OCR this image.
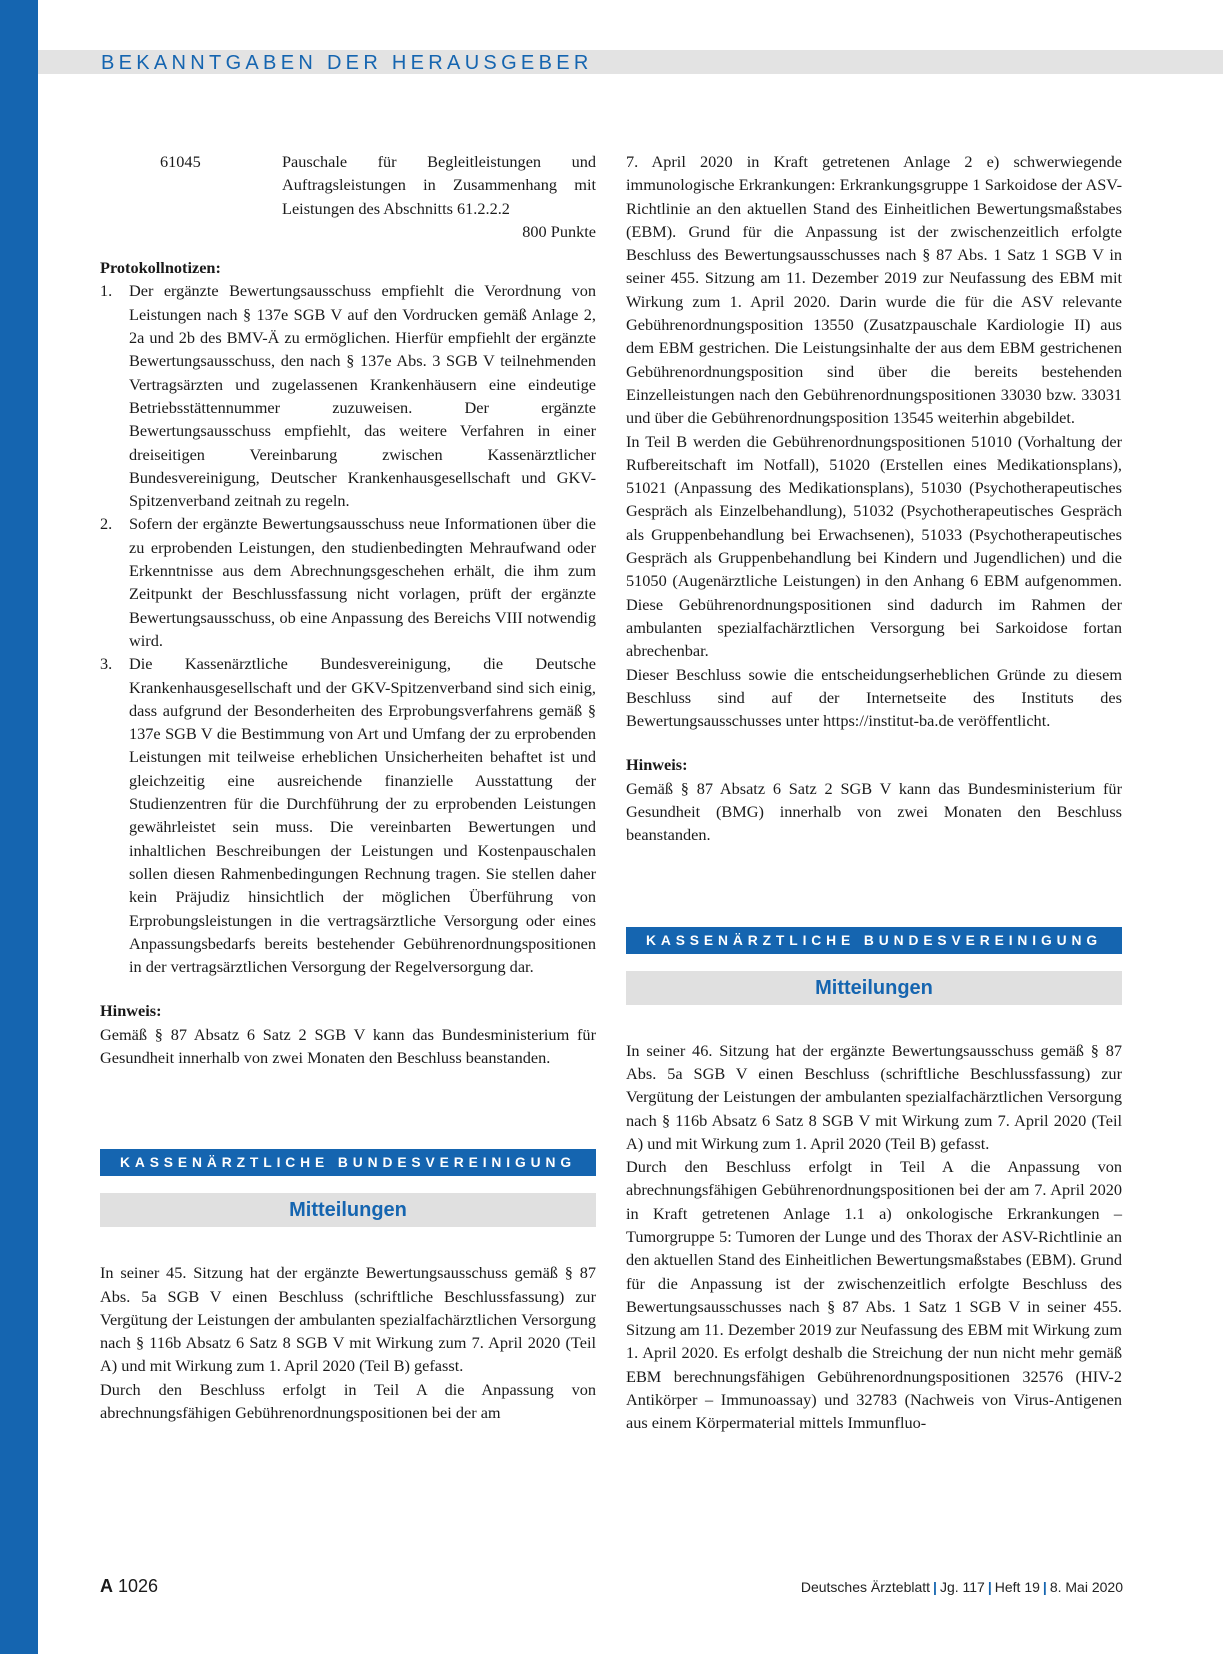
BEKANNTGABEN DER HERAUSGEBER
61045	Pauschale für Begleitleistungen und Auftragsleistungen in Zusammenhang mit Leistungen des Abschnitts 61.2.2.2

800 Punkte

Protokollnotizen:

1. Der ergänzte Bewertungsausschuss empfiehlt die Verordnung von Leistungen nach § 137e SGB V auf den Vordrucken gemäß Anlage 2, 2a und 2b des BMV-Ä zu ermöglichen. Hierfür empfiehlt der ergänzte Bewertungsausschuss, den nach § 137e Abs. 3 SGB V teilnehmenden Vertragsärzten und zugelassenen Krankenhäusern eine eindeutige Betriebsstättennummer zuzuweisen. Der ergänzte Bewertungsausschuss empfiehlt, das weitere Verfahren in einer dreiseitigen Vereinbarung zwischen Kassenärztlicher Bundesvereinigung, Deutscher Krankenhausgesellschaft und GKV-Spitzenverband zeitnah zu regeln.
2. Sofern der ergänzte Bewertungsausschuss neue Informationen über die zu erprobenden Leistungen, den studienbedingten Mehraufwand oder Erkenntnisse aus dem Abrechnungsgeschehen erhält, die ihm zum Zeitpunkt der Beschlussfassung nicht vorlagen, prüft der ergänzte Bewertungsausschuss, ob eine Anpassung des Bereichs VIII notwendig wird.
3. Die Kassenärztliche Bundesvereinigung, die Deutsche Krankenhausgesellschaft und der GKV-Spitzenverband sind sich einig, dass aufgrund der Besonderheiten des Erprobungsverfahrens gemäß § 137e SGB V die Bestimmung von Art und Umfang der zu erprobenden Leistungen mit teilweise erheblichen Unsicherheiten behaftet ist und gleichzeitig eine ausreichende finanzielle Ausstattung der Studienzentren für die Durchführung der zu erprobenden Leistungen gewährleistet sein muss. Die vereinbarten Bewertungen und inhaltlichen Beschreibungen der Leistungen und Kostenpauschalen sollen diesen Rahmenbedingungen Rechnung tragen. Sie stellen daher kein Präjudiz hinsichtlich der möglichen Überführung von Erprobungsleistungen in die vertragsärztliche Versorgung oder eines Anpassungsbedarfs bereits bestehender Gebührenordnungspositionen in der vertragsärztlichen Versorgung der Regelversorgung dar.

Hinweis:

Gemäß § 87 Absatz 6 Satz 2 SGB V kann das Bundesministerium für Gesundheit innerhalb von zwei Monaten den Beschluss beanstanden.

KASSENÄRZTLICHE BUNDESVEREINIGUNG
Mitteilungen

In seiner 45. Sitzung hat der ergänzte Bewertungsausschuss gemäß § 87 Abs. 5a SGB V einen Beschluss (schriftliche Beschlussfassung) zur Vergütung der Leistungen der ambulanten spezialfachärztlichen Versorgung nach § 116b Absatz 6 Satz 8 SGB V mit Wirkung zum 7. April 2020 (Teil A) und mit Wirkung zum 1. April 2020 (Teil B) gefasst.

Durch den Beschluss erfolgt in Teil A die Anpassung von abrechnungsfähigen Gebührenordnungspositionen bei der am

7. April 2020 in Kraft getretenen Anlage 2 e) schwerwiegende immunologische Erkrankungen: Erkrankungsgruppe 1 Sarkoidose der ASV-Richtlinie an den aktuellen Stand des Einheitlichen Bewertungsmaßstabes (EBM). Grund für die Anpassung ist der zwischenzeitlich erfolgte Beschluss des Bewertungsausschusses nach § 87 Abs. 1 Satz 1 SGB V in seiner 455. Sitzung am 11. Dezember 2019 zur Neufassung des EBM mit Wirkung zum 1. April 2020. Darin wurde die für die ASV relevante Gebührenordnungsposition 13550 (Zusatzpauschale Kardiologie II) aus dem EBM gestrichen. Die Leistungsinhalte der aus dem EBM gestrichenen Gebührenordnungsposition sind über die bereits bestehenden Einzelleistungen nach den Gebührenordnungspositionen 33030 bzw. 33031 und über die Gebührenordnungsposition 13545 weiterhin abgebildet.

In Teil B werden die Gebührenordnungspositionen 51010 (Vorhaltung der Rufbereitschaft im Notfall), 51020 (Erstellen eines Medikationsplans), 51021 (Anpassung des Medikationsplans), 51030 (Psychotherapeutisches Gespräch als Einzelbehandlung), 51032 (Psychotherapeutisches Gespräch als Gruppenbehandlung bei Erwachsenen), 51033 (Psychotherapeutisches Gespräch als Gruppenbehandlung bei Kindern und Jugendlichen) und die 51050 (Augenärztliche Leistungen) in den Anhang 6 EBM aufgenommen. Diese Gebührenordnungspositionen sind dadurch im Rahmen der ambulanten spezialfachärztlichen Versorgung bei Sarkoidose fortan abrechenbar.

Dieser Beschluss sowie die entscheidungserheblichen Gründe zu diesem Beschluss sind auf der Internetseite des Instituts des Bewertungsausschusses unter https://institut-ba.de veröffentlicht.

Hinweis:

Gemäß § 87 Absatz 6 Satz 2 SGB V kann das Bundesministerium für Gesundheit (BMG) innerhalb von zwei Monaten den Beschluss beanstanden.

KASSENÄRZTLICHE BUNDESVEREINIGUNG
Mitteilungen

In seiner 46. Sitzung hat der ergänzte Bewertungsausschuss gemäß § 87 Abs. 5a SGB V einen Beschluss (schriftliche Beschlussfassung) zur Vergütung der Leistungen der ambulanten spezialfachärztlichen Versorgung nach § 116b Absatz 6 Satz 8 SGB V mit Wirkung zum 7. April 2020 (Teil A) und mit Wirkung zum 1. April 2020 (Teil B) gefasst.

Durch den Beschluss erfolgt in Teil A die Anpassung von abrechnungsfähigen Gebührenordnungspositionen bei der am 7. April 2020 in Kraft getretenen Anlage 1.1 a) onkologische Erkrankungen – Tumorgruppe 5: Tumoren der Lunge und des Thorax der ASV-Richtlinie an den aktuellen Stand des Einheitlichen Bewertungsmaßstabes (EBM). Grund für die Anpassung ist der zwischenzeitlich erfolgte Beschluss des Bewertungsausschusses nach § 87 Abs. 1 Satz 1 SGB V in seiner 455. Sitzung am 11. Dezember 2019 zur Neufassung des EBM mit Wirkung zum 1. April 2020. Es erfolgt deshalb die Streichung der nun nicht mehr gemäß EBM berechnungsfähigen Gebührenordnungspositionen 32576 (HIV-2 Antikörper – Immunoassay) und 32783 (Nachweis von Virus-Antigenen aus einem Körpermaterial mittels Immunfluo-

A 1026	Deutsches Ärzteblatt | Jg. 117 | Heft 19 | 8. Mai 2020
